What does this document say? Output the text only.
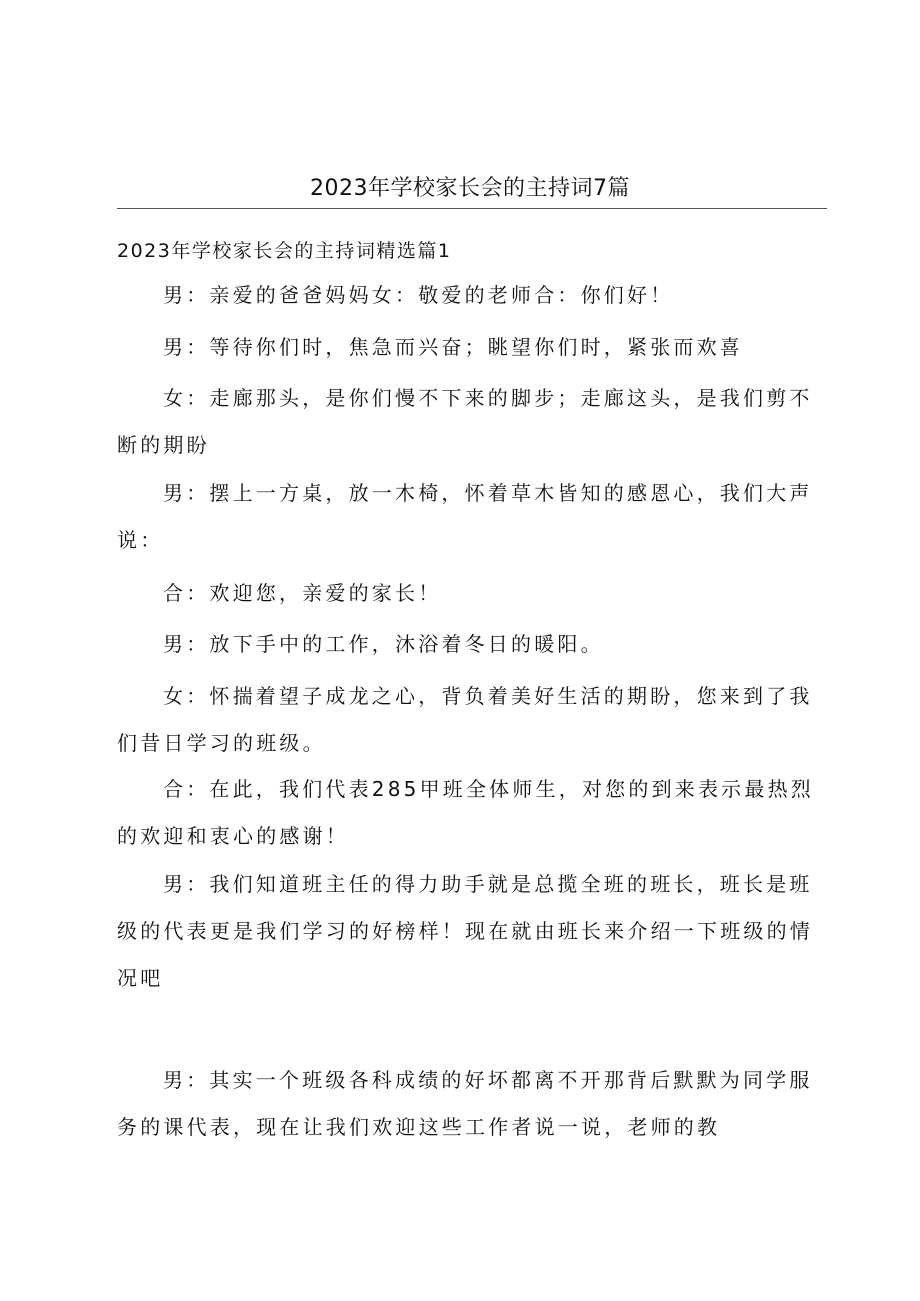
2023年学校家长会的主持词7篇
2023年学校家长会的主持词精选篇1

男：亲爱的爸爸妈妈女：敬爱的老师合：你们好！

男：等待你们时，焦急而兴奋；眺望你们时，紧张而欢喜

女：走廊那头，是你们慢不下来的脚步；走廊这头，是我们剪不断的期盼

男：摆上一方桌，放一木椅，怀着草木皆知的感恩心，我们大声说：

合：欢迎您，亲爱的家长！

男：放下手中的工作，沐浴着冬日的暖阳。

女：怀揣着望子成龙之心，背负着美好生活的期盼，您来到了我们昔日学习的班级。

合：在此，我们代表285甲班全体师生，对您的到来表示最热烈的欢迎和衷心的感谢！

男：我们知道班主任的得力助手就是总揽全班的班长，班长是班级的代表更是我们学习的好榜样！现在就由班长来介绍一下班级的情况吧

男：其实一个班级各科成绩的好坏都离不开那背后默默为同学服务的课代表，现在让我们欢迎这些工作者说一说，老师的教
